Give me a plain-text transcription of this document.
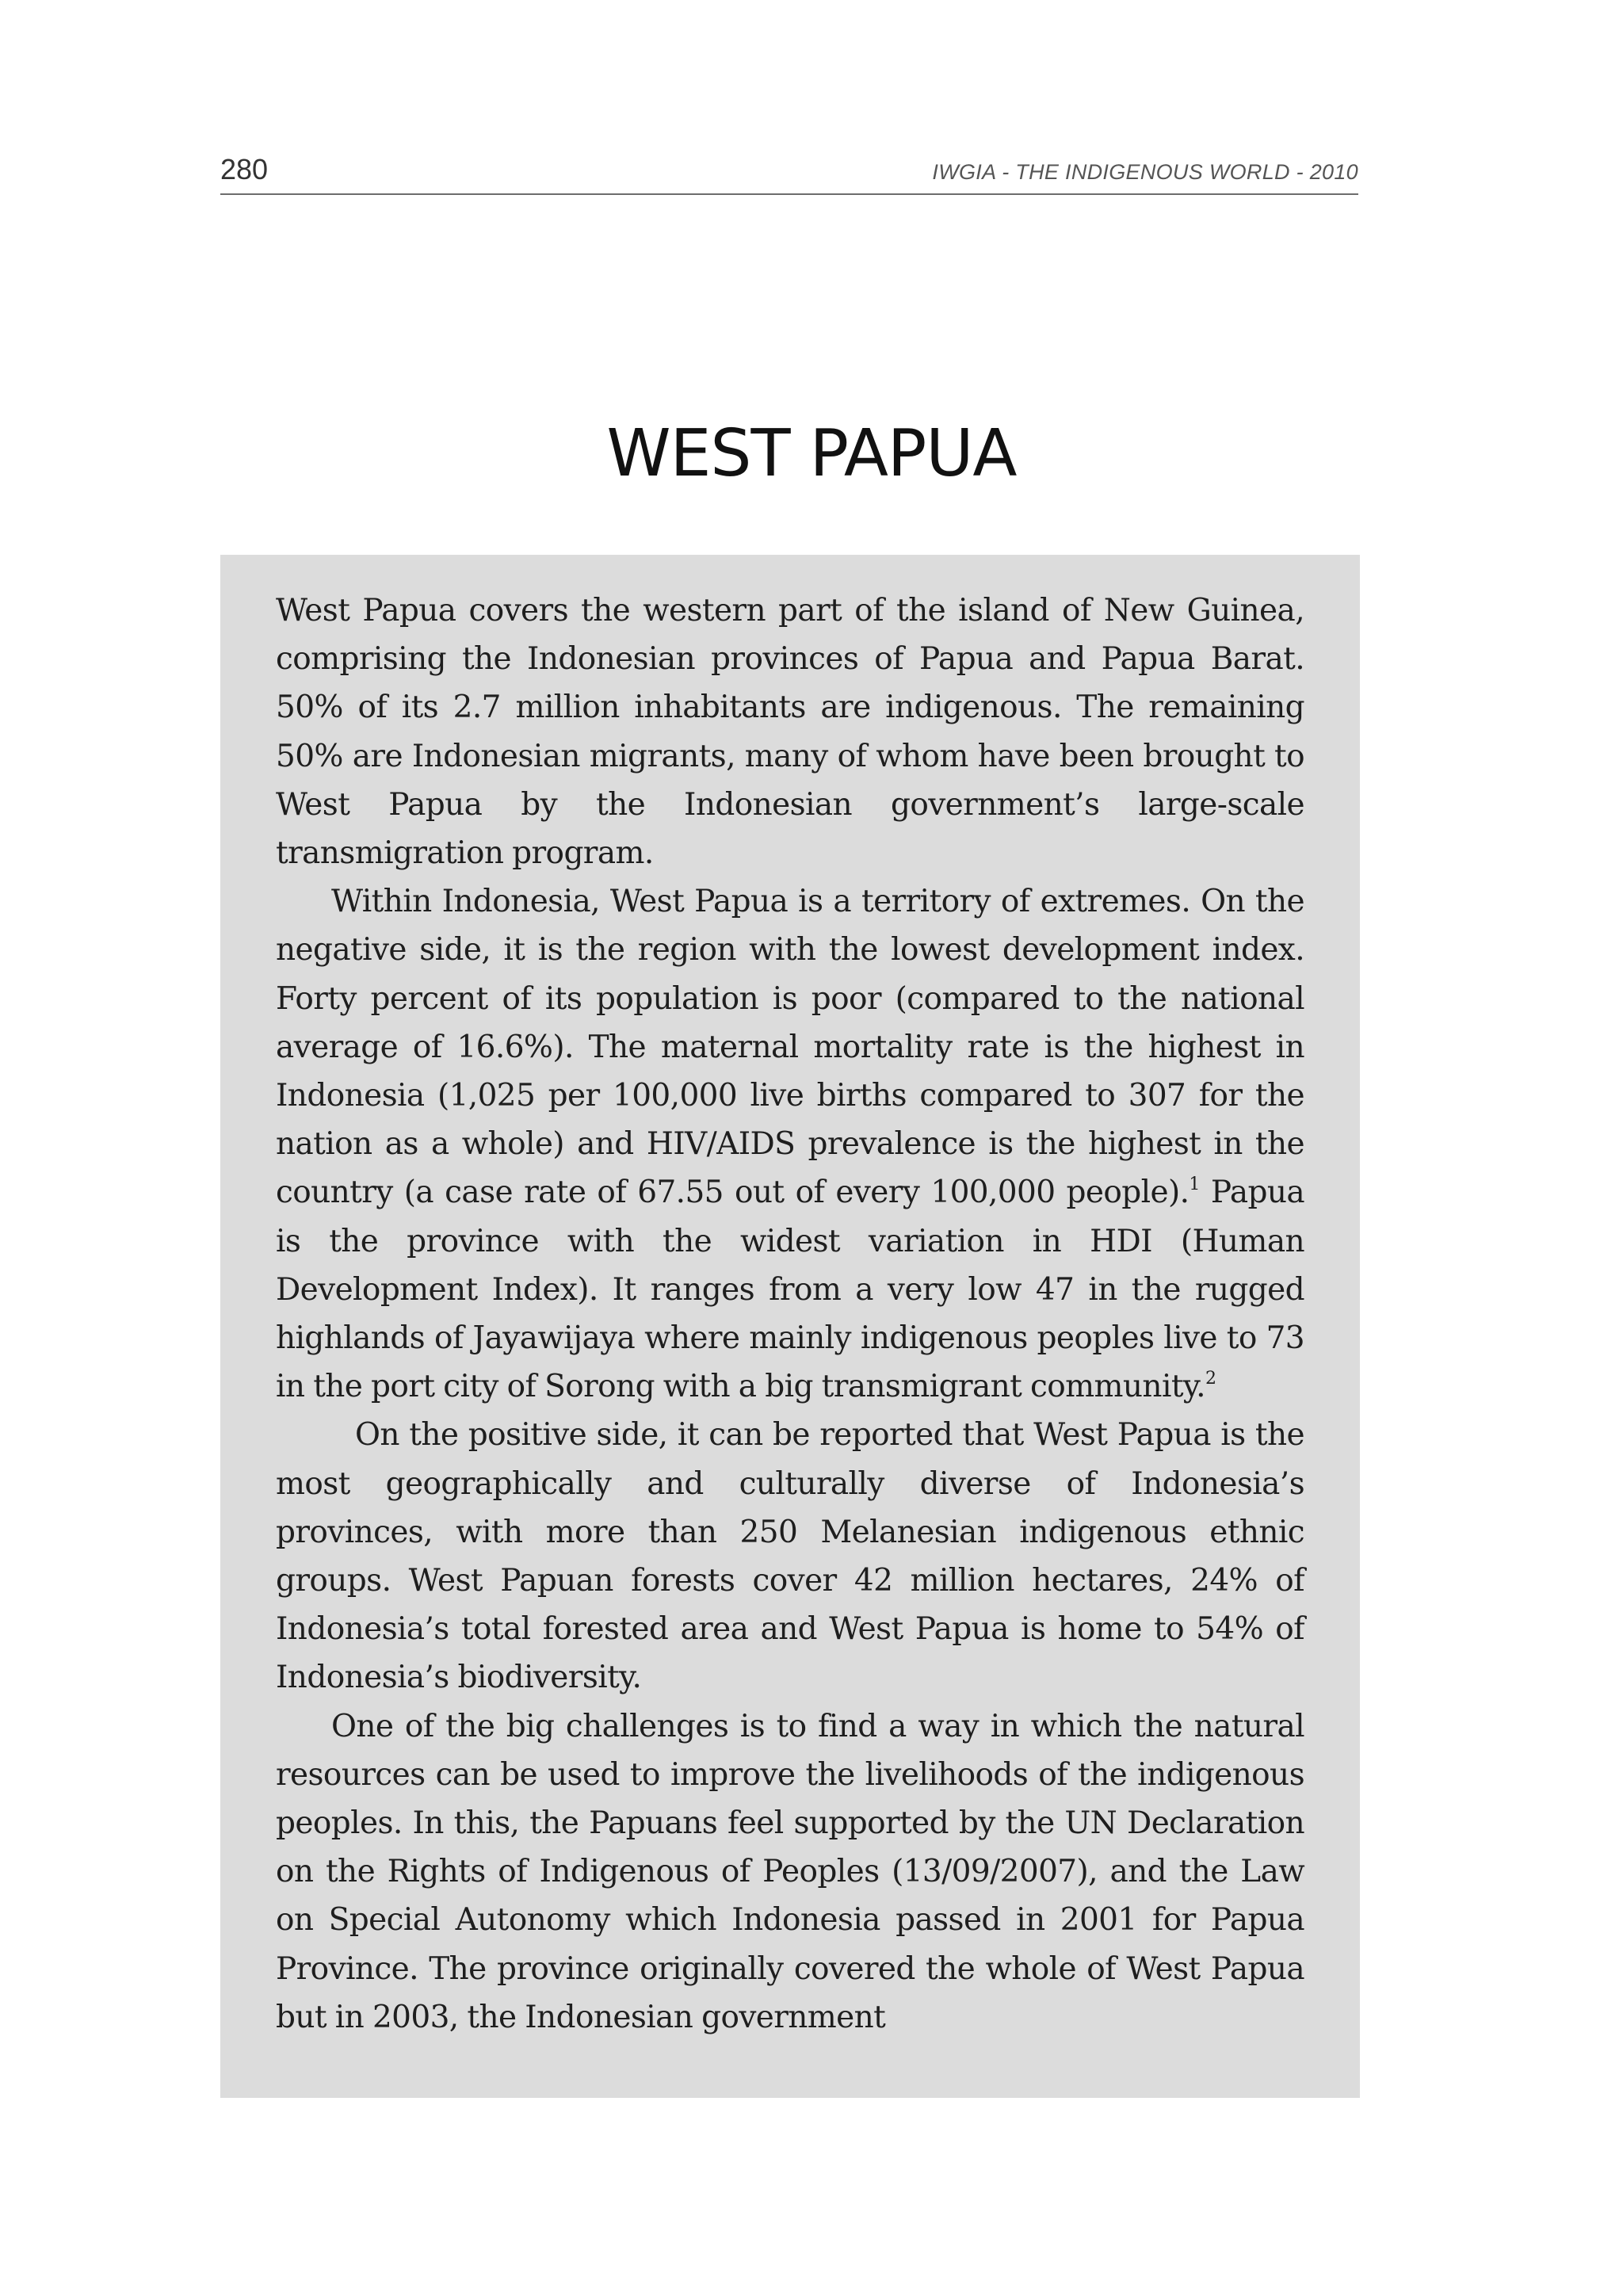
280	IWGIA - THE INDIGENOUS WORLD - 2010
WEST PAPUA

West Papua covers the western part of the island of New Guinea, comprising the Indonesian provinces of Papua and Papua Barat. 50% of its 2.7 million inhabitants are indigenous. The remaining 50% are Indonesian migrants, many of whom have been brought to West Papua by the Indonesian government’s large-scale transmigration program.

Within Indonesia, West Papua is a territory of extremes. On the negative side, it is the region with the lowest development index. Forty percent of its population is poor (compared to the national average of 16.6%). The maternal mortality rate is the highest in Indonesia (1,025 per 100,000 live births compared to 307 for the nation as a whole) and HIV/AIDS prevalence is the highest in the country (a case rate of 67.55 out of every 100,000 people).$^1$ Papua is the province with the widest variation in HDI (Human Development Index). It ranges from a very low 47 in the rugged highlands of Jayawijaya where mainly indigenous peoples live to 73 in the port city of Sorong with a big transmigrant community.$^2$

On the positive side, it can be reported that West Papua is the most geographically and culturally diverse of Indonesia’s provinces, with more than 250 Melanesian indigenous ethnic groups. West Papuan forests cover 42 million hectares, 24% of Indonesia’s total forested area and West Papua is home to 54% of Indonesia’s biodiversity.

One of the big challenges is to find a way in which the natural resources can be used to improve the livelihoods of the indigenous peoples. In this, the Papuans feel supported by the UN Declaration on the Rights of Indigenous of Peoples (13/09/2007), and the Law on Special Autonomy which Indonesia passed in 2001 for Papua Province. The province originally covered the whole of West Papua but in 2003, the Indonesian government
